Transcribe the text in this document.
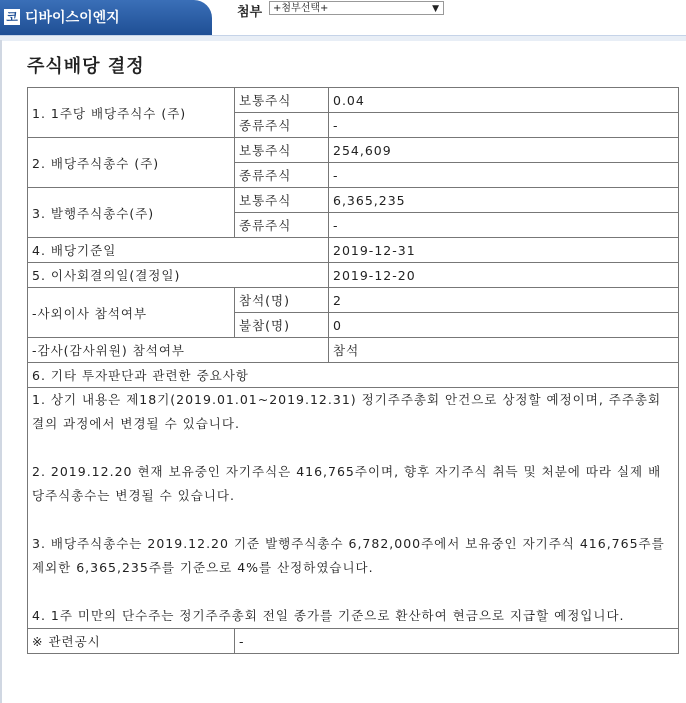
코 디바이스이엔지	첨부	+첨부선택+	▼
주식배당 결정
1. 1주당 배당주식수 (주)	보통주식	0.04
	종류주식	-
2. 배당주식총수 (주)	보통주식	254,609
	종류주식	-
3. 발행주식총수(주)	보통주식	6,365,235
	종류주식	-
4. 배당기준일		2019-12-31
5. 이사회결의일(결정일)		2019-12-20
-사외이사 참석여부	참석(명)	2
	불참(명)	0
-감사(감사위원) 참석여부		참석
6. 기타 투자판단과 관련한 중요사항		

1. 상기 내용은 제18기(2019.01.01~2019.12.31) 정기주주총회 안건으로 상정할 예정이며, 주주총회 결의 과정에서 변경될 수 있습니다.

2. 2019.12.20 현재 보유중인 자기주식은 416,765주이며, 향후 자기주식 취득 및 처분에 따라 실제 배당주식총수는 변경될 수 있습니다.

3. 배당주식총수는 2019.12.20 기준 발행주식총수 6,782,000주에서 보유중인 자기주식 416,765주를 제외한 6,365,235주를 기준으로 4%를 산정하였습니다.

4. 1주 미만의 단수주는 정기주주총회 전일 종가를 기준으로 환산하여 현금으로 지급할 예정입니다.		

※ 관련공시	-	
